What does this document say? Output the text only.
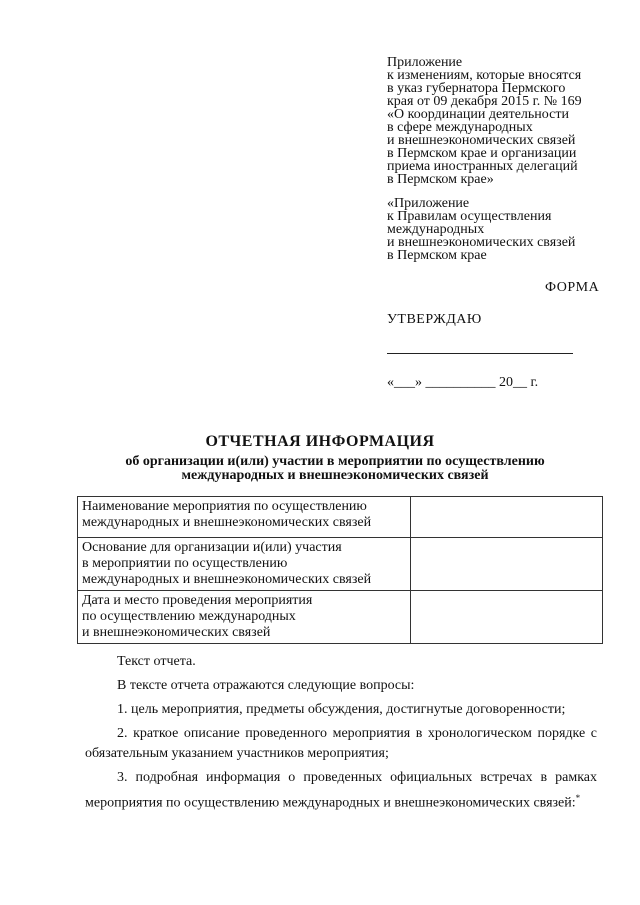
Приложение
к изменениям, которые вносятся
в указ губернатора Пермского
края от 09 декабря 2015 г. № 169
«О координации деятельности
в сфере международных
и внешнеэкономических связей
в Пермском крае и организации
приема иностранных делегаций
в Пермском крае»
«Приложение
к Правилам осуществления
международных
и внешнеэкономических связей
в Пермском крае
ФОРМА
УТВЕРЖДАЮ
«___» __________ 20__ г.
ОТЧЕТНАЯ ИНФОРМАЦИЯ
об организации и(или) участии в мероприятии по осуществлению
международных и внешнеэкономических связей
Наименование мероприятия по осуществлению
международных и внешнеэкономических связей	

Основание для организации и(или) участия
в мероприятии по осуществлению
международных и внешнеэкономических связей	

Дата и место проведения мероприятия
по осуществлению международных
и внешнеэкономических связей	

Текст отчета.

В тексте отчета отражаются следующие вопросы:

1. цель мероприятия, предметы обсуждения, достигнутые договоренности;

2. краткое описание проведенного мероприятия в хронологическом порядке с обязательным указанием участников мероприятия;

3. подробная информация о проведенных официальных встречах в рамках мероприятия по осуществлению международных и внешнеэкономических связей:*
